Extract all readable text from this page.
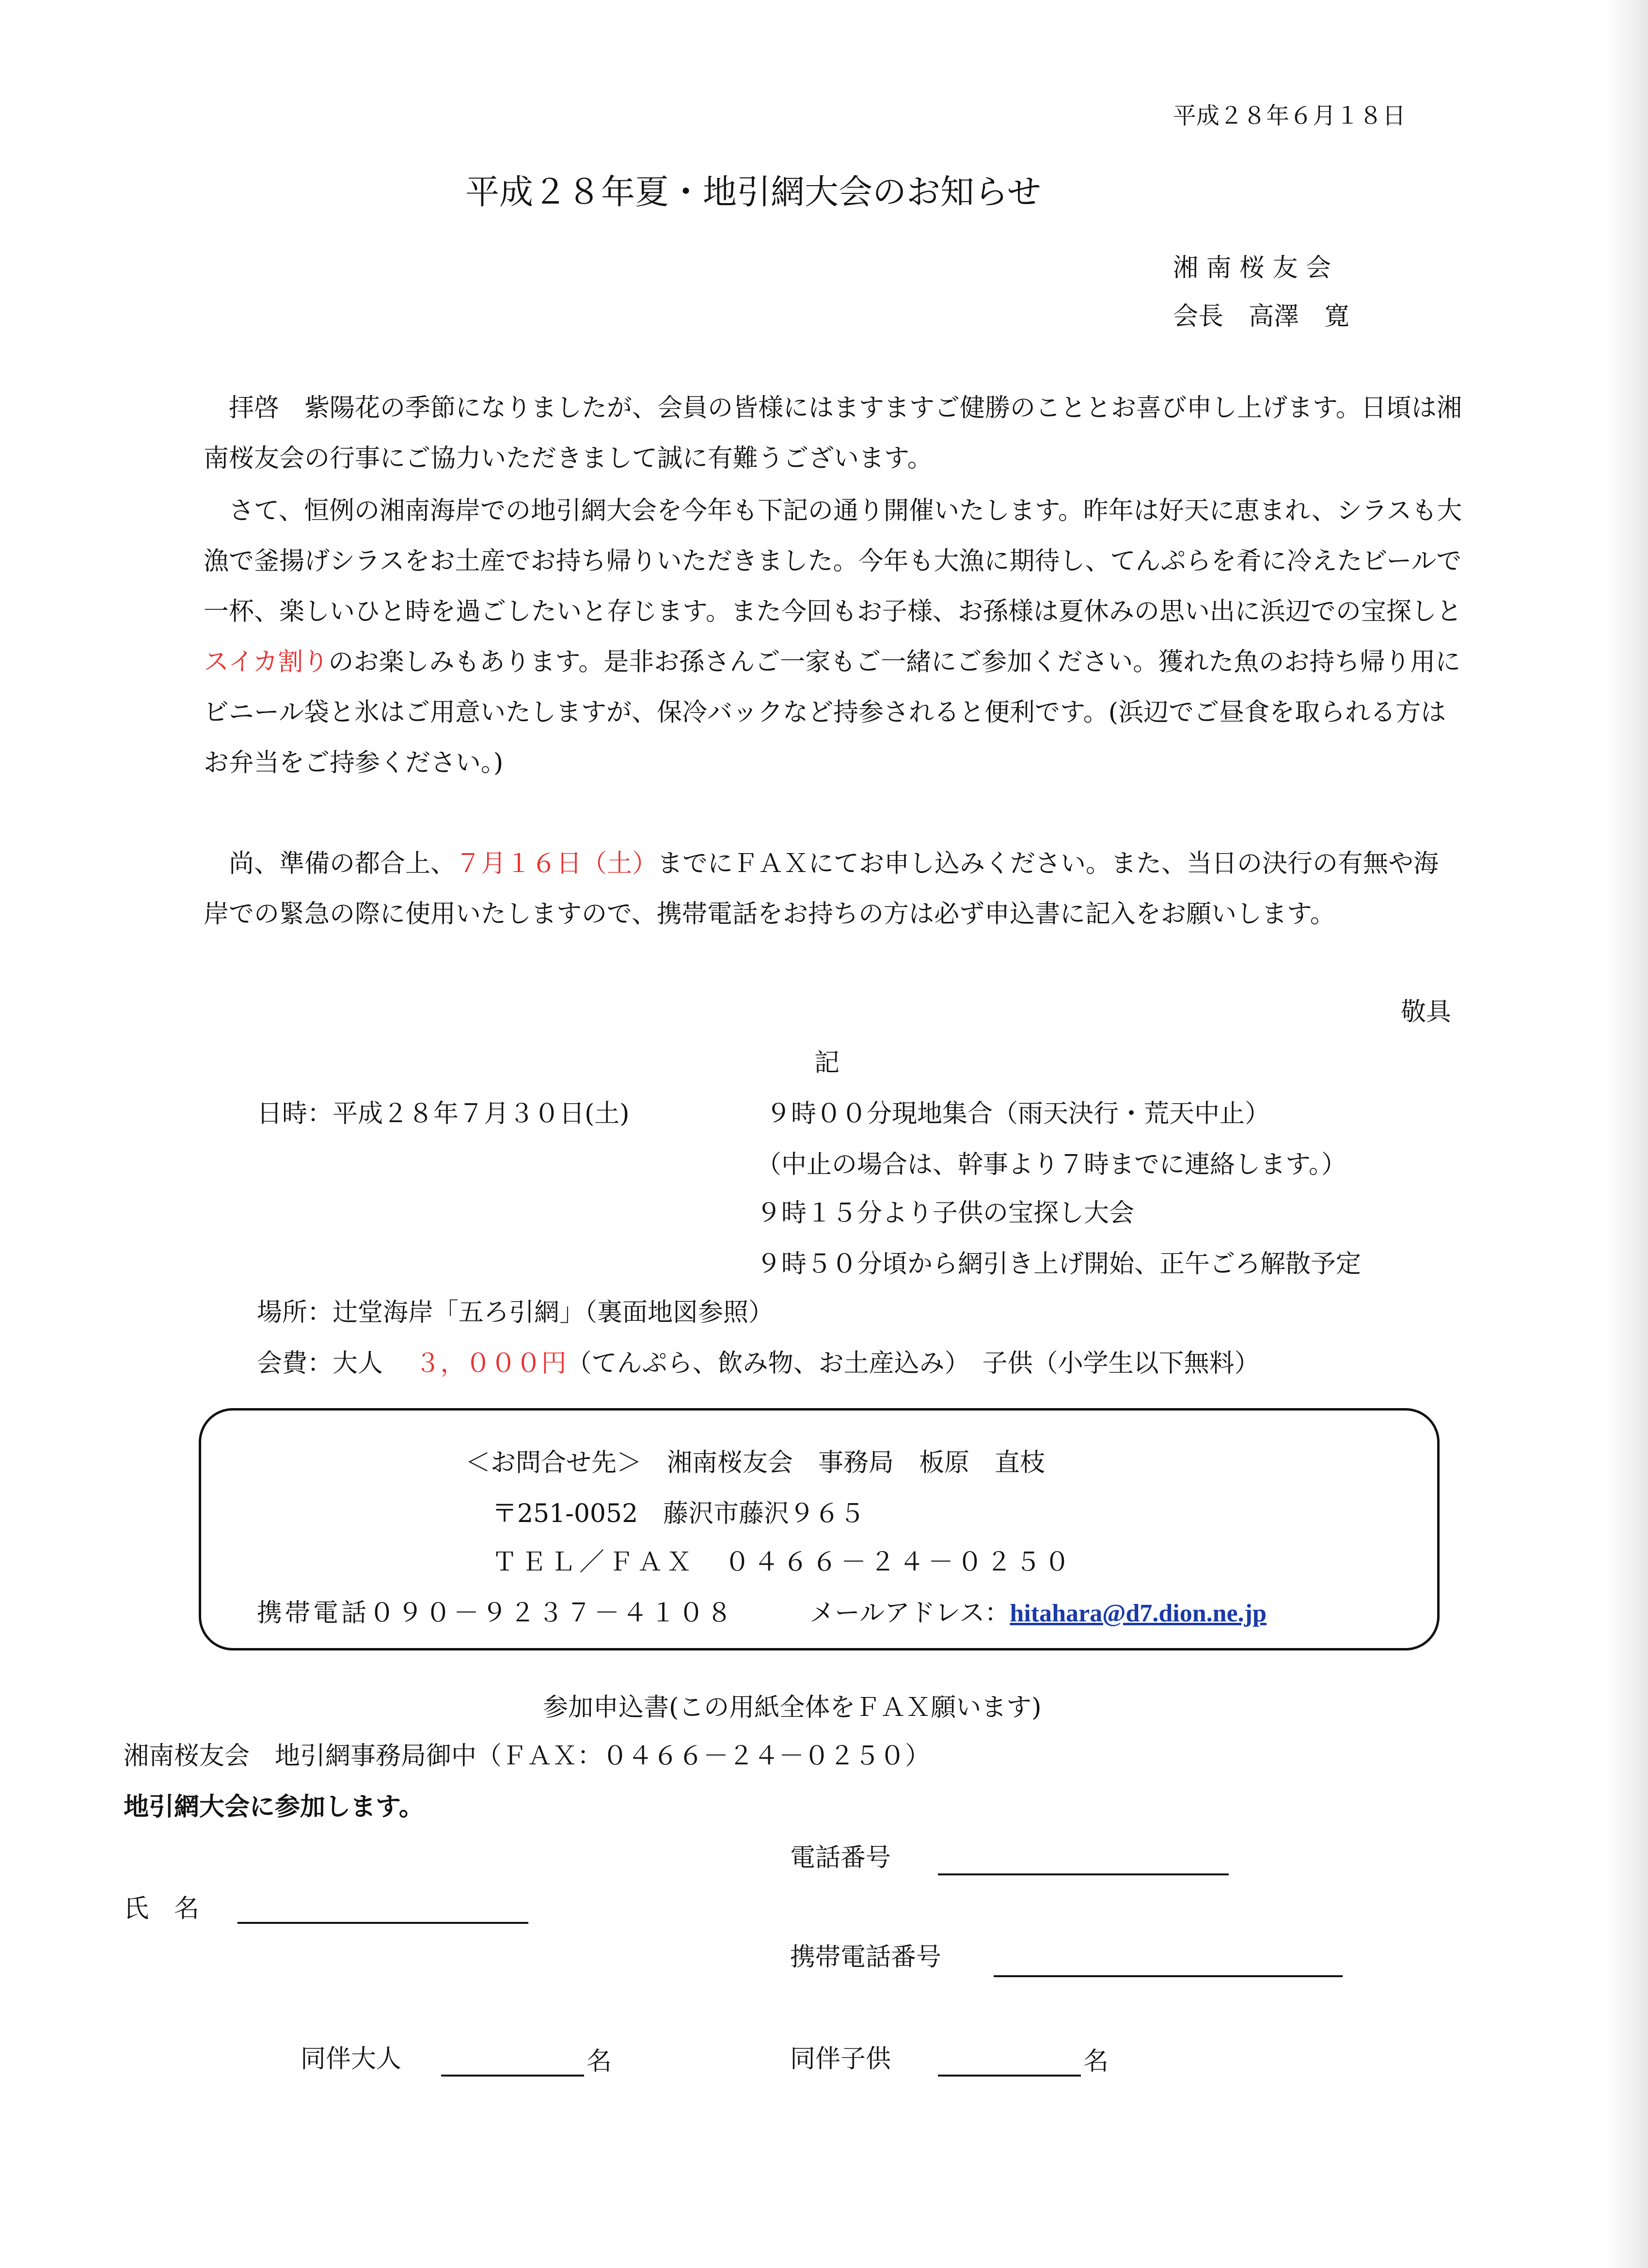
平成２８年６月１８日
平成２８年夏・地引網大会のお知らせ
湘 南 桜 友 会
会長　高澤　寛
拝啓　紫陽花の季節になりましたが、会員の皆様にはますますご健勝のこととお喜び申し上げます。日頃は湘南桜友会の行事にご協力いただきまして誠に有難うございます。
さて、恒例の湘南海岸での地引網大会を今年も下記の通り開催いたします。昨年は好天に恵まれ、シラスも大漁で釜揚げシラスをお土産でお持ち帰りいただきました。今年も大漁に期待し、てんぷらを肴に冷えたビールで一杯、楽しいひと時を過ごしたいと存じます。また今回もお子様、お孫様は夏休みの思い出に浜辺での宝探しとスイカ割りのお楽しみもあります。是非お孫さんご一家もご一緒にご参加ください。獲れた魚のお持ち帰り用にビニール袋と氷はご用意いたしますが、保冷バックなど持参されると便利です。(浜辺でご昼食を取られる方はお弁当をご持参ください。)
尚、準備の都合上、７月１６日（土）までにＦＡＸにてお申し込みください。また、当日の決行の有無や海岸での緊急の際に使用いたしますので、携帯電話をお持ちの方は必ず申込書に記入をお願いします。
敬具
記
日時：平成２８年７月３０日(土)	９時００分現地集合（雨天決行・荒天中止）
（中止の場合は、幹事より７時までに連絡します。）
９時１５分より子供の宝探し大会
９時５０分頃から網引き上げ開始、正午ごろ解散予定
場所：辻堂海岸「五ろ引網」（裏面地図参照）
会費：大人 ３，０００円（てんぷら、飲み物、お土産込み）　子供（小学生以下無料）
＜お問合せ先＞　湘南桜友会　事務局　板原　直枝
〒251-0052　藤沢市藤沢９６５
ＴＥＬ／ＦＡＸ　０４６６－２４－０２５０
携帯電話０９０－９２３７－４１０８	メールアドレス：hitahara@d7.dion.ne.jp
参加申込書(この用紙全体をＦＡＸ願います)
湘南桜友会　地引網事務局御中（ＦＡＸ：０４６６－２４－０２５０）
地引網大会に参加します。
電話番号
氏　名
携帯電話番号
同伴大人	名	同伴子供	名
